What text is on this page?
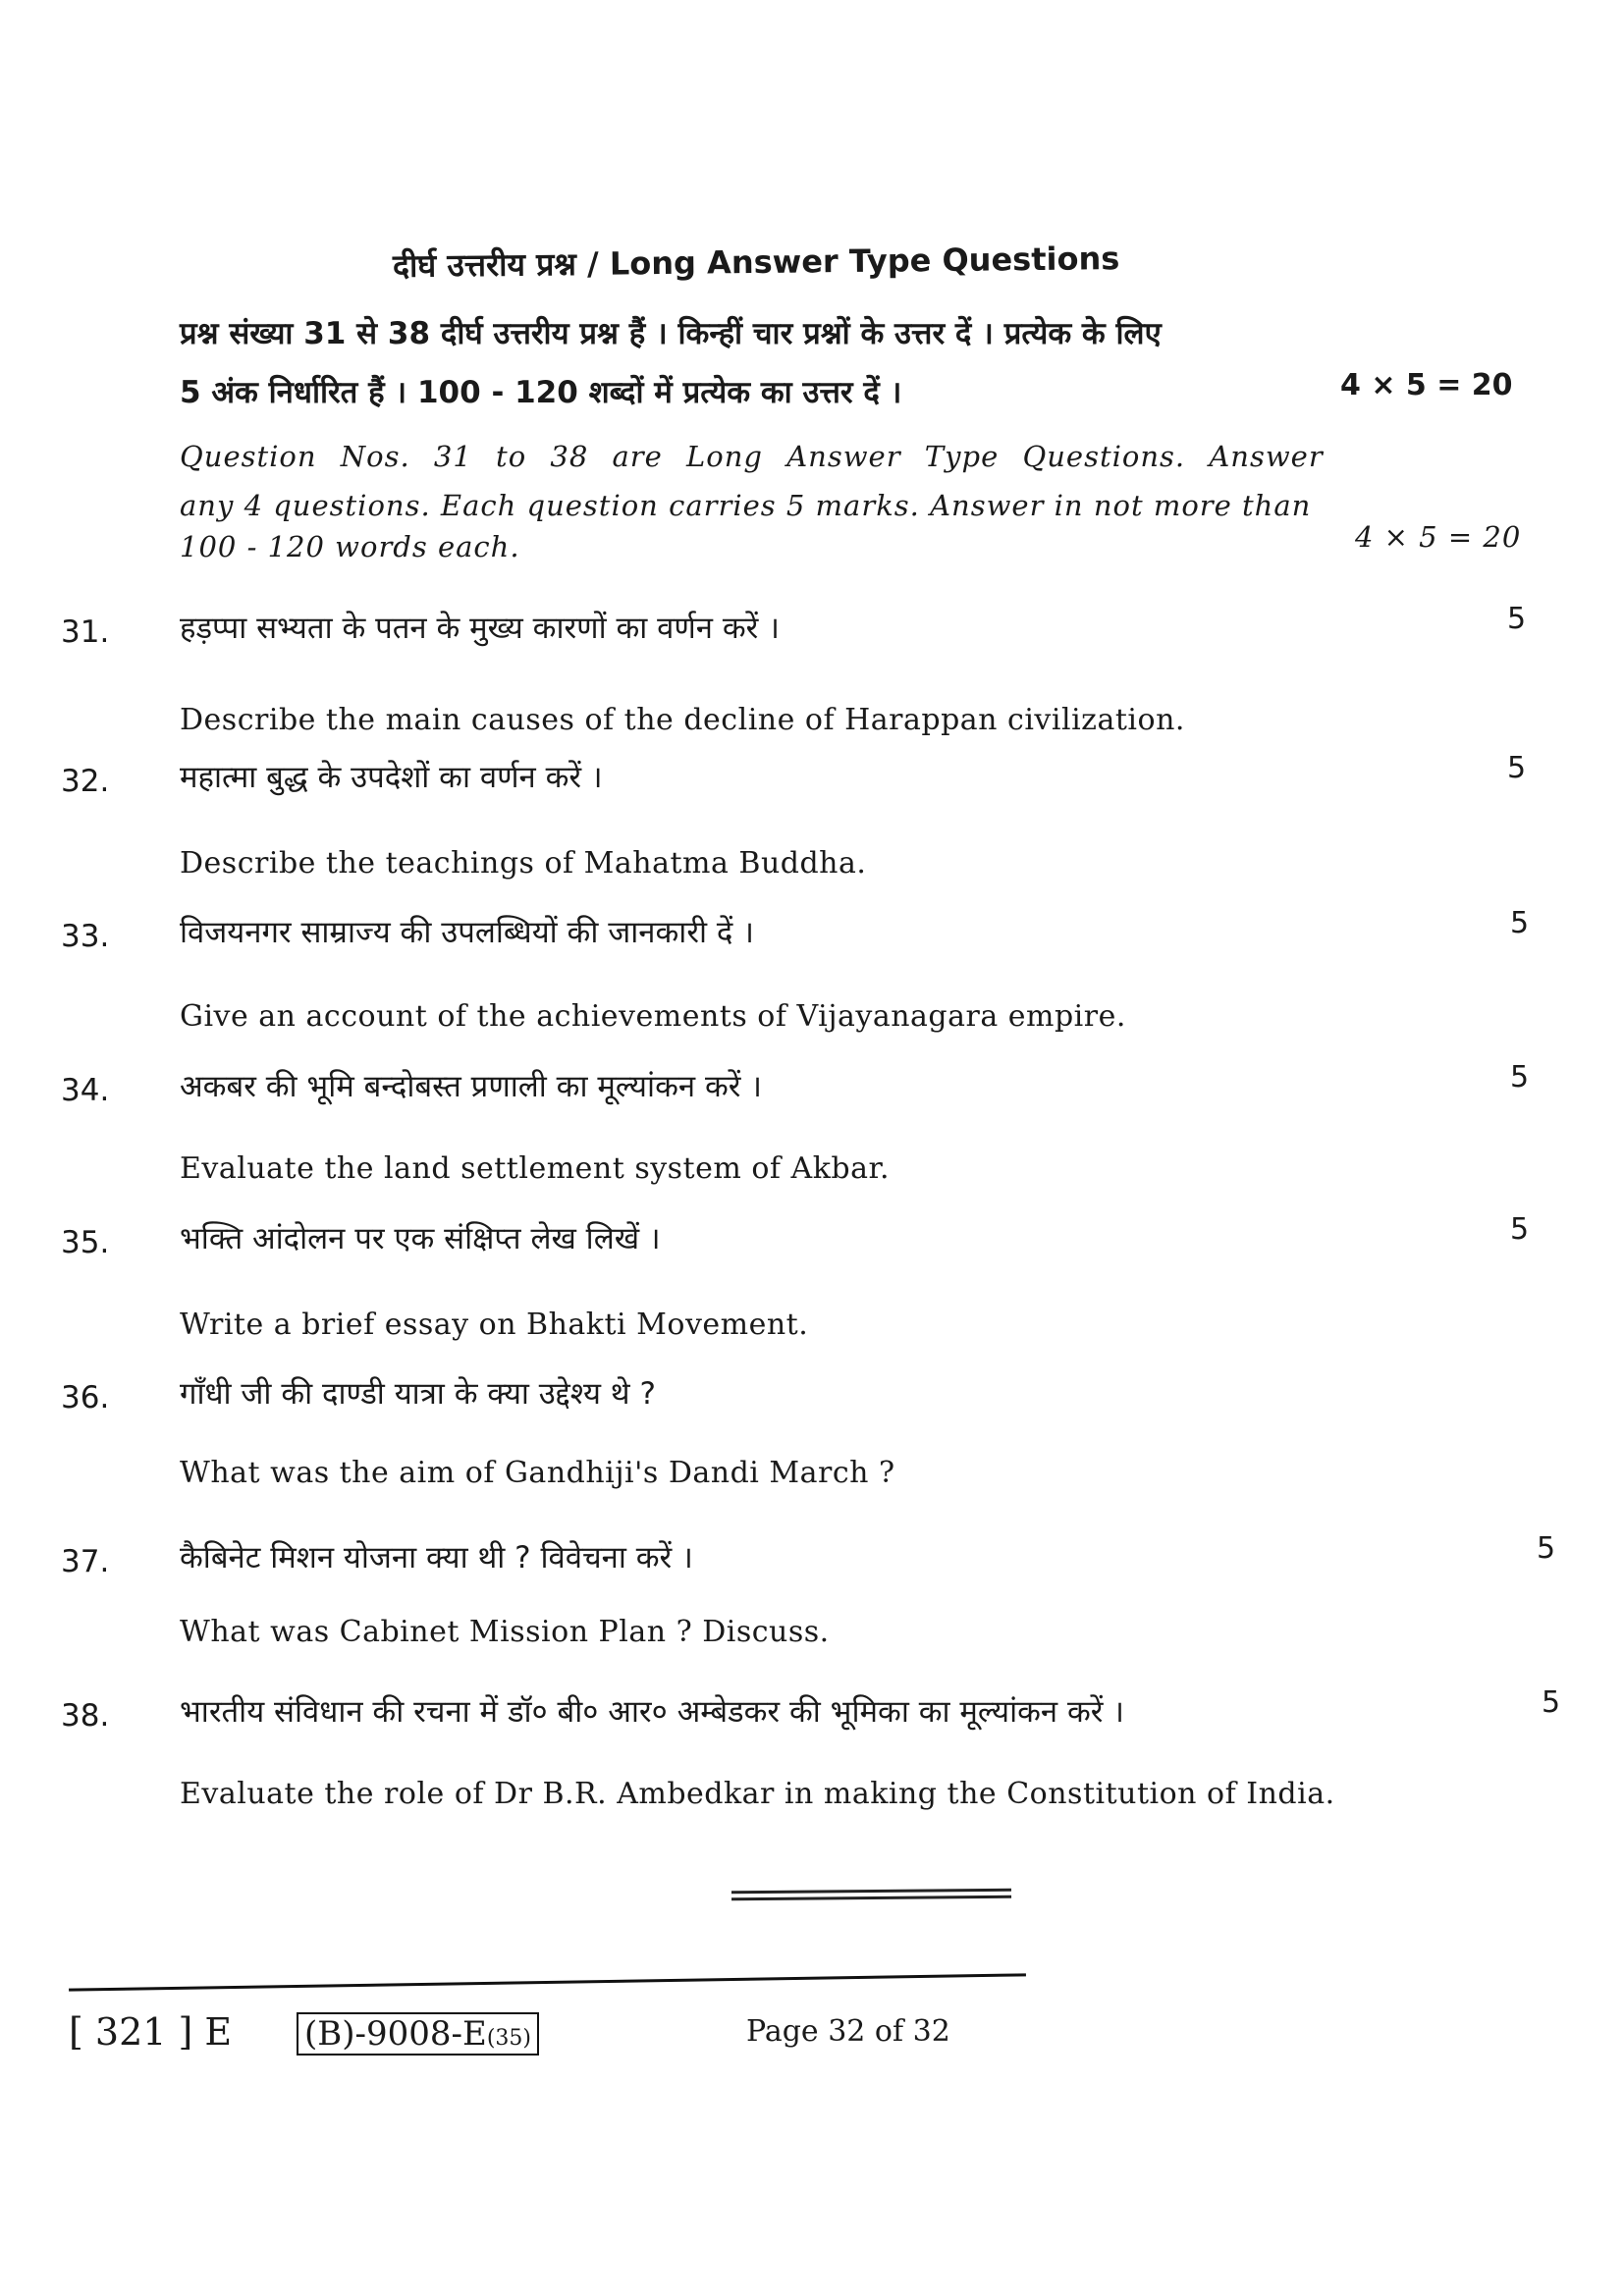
दीर्घ उत्तरीय प्रश्न / Long Answer Type Questions
प्रश्न संख्या 31 से 38 दीर्घ उत्तरीय प्रश्न हैं । किन्हीं चार प्रश्नों के उत्तर दें । प्रत्येक के लिए
5 अंक निर्धारित हैं । 100 - 120 शब्दों में प्रत्येक का उत्तर दें ।	4 × 5 = 20
Question Nos. 31 to 38 are Long Answer Type Questions. Answer
any 4 questions. Each question carries 5 marks. Answer in not more than
100 - 120 words each.	4 × 5 = 20
31. हड़प्पा सभ्यता के पतन के मुख्य कारणों का वर्णन करें ।
Describe the main causes of the decline of Harappan civilization.
5
32. महात्मा बुद्ध के उपदेशों का वर्णन करें ।
Describe the teachings of Mahatma Buddha.
5
33. विजयनगर साम्राज्य की उपलब्धियों की जानकारी दें ।
Give an account of the achievements of Vijayanagara empire.
5
34. अकबर की भूमि बन्दोबस्त प्रणाली का मूल्यांकन करें ।
Evaluate the land settlement system of Akbar.
5
35. भक्ति आंदोलन पर एक संक्षिप्त लेख लिखें ।
Write a brief essay on Bhakti Movement.
5
36. गाँधी जी की दाण्डी यात्रा के क्या उद्देश्य थे ?
What was the aim of Gandhiji's Dandi March ?
37. कैबिनेट मिशन योजना क्या थी ? विवेचना करें ।
What was Cabinet Mission Plan ? Discuss.
5
38. भारतीय संविधान की रचना में डॉ० बी० आर० अम्बेडकर की भूमिका का मूल्यांकन करें ।
Evaluate the role of Dr B.R. Ambedkar in making the Constitution of India.
5
[ 321 ] E (B)-9008-E(35)	Page 32 of 32
